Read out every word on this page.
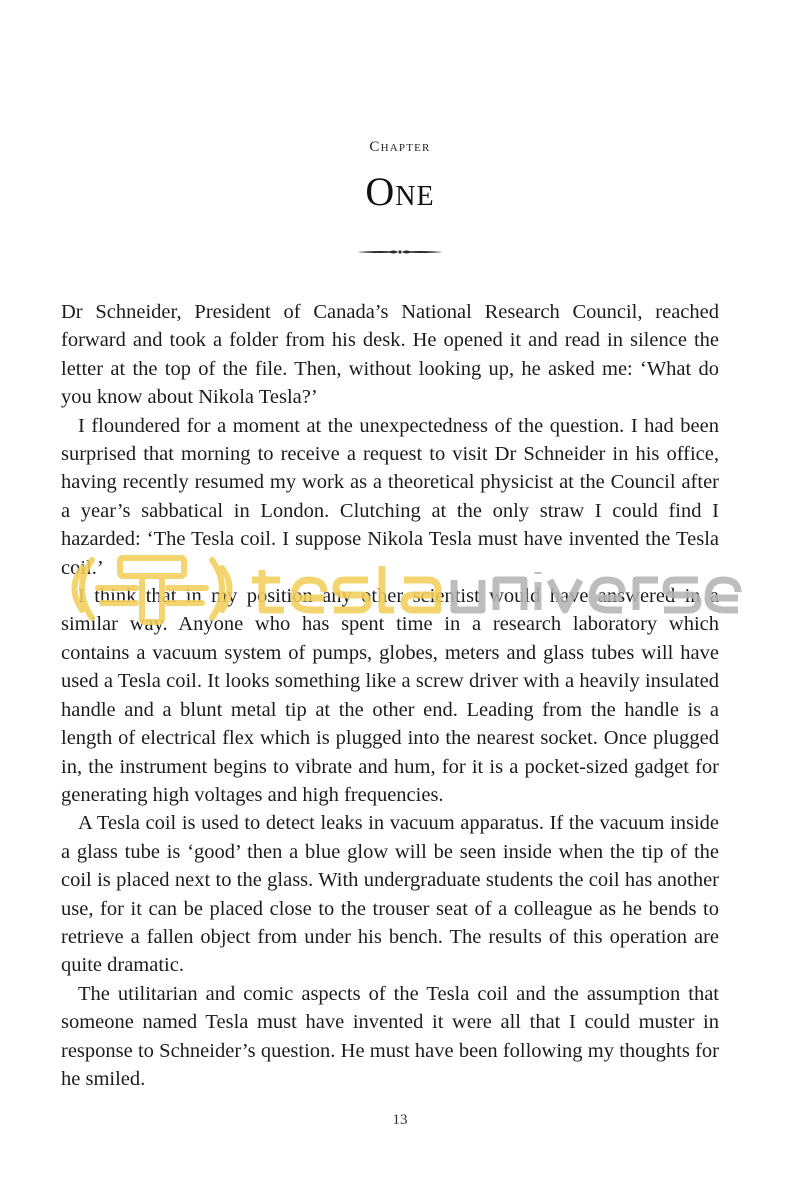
Chapter
One

Dr Schneider, President of Canada’s National Research Council, reached forward and took a folder from his desk. He opened it and read in silence the letter at the top of the file. Then, without looking up, he asked me: ‘What do you know about Nikola Tesla?’

I floundered for a moment at the unexpectedness of the question. I had been surprised that morning to receive a request to visit Dr Schneider in his office, having recently resumed my work as a theoretical physicist at the Council after a year’s sabbatical in London. Clutching at the only straw I could find I hazarded: ‘The Tesla coil. I suppose Nikola Tesla must have invented the Tesla coil.’

I think that in my position any other scientist would have answered in a similar way. Anyone who has spent time in a research laboratory which contains a vacuum system of pumps, globes, meters and glass tubes will have used a Tesla coil. It looks something like a screw driver with a heavily insulated handle and a blunt metal tip at the other end. Leading from the handle is a length of electrical flex which is plugged into the nearest socket. Once plugged in, the instrument begins to vibrate and hum, for it is a pocket-sized gadget for generating high voltages and high frequencies.

A Tesla coil is used to detect leaks in vacuum apparatus. If the vacuum inside a glass tube is ‘good’ then a blue glow will be seen inside when the tip of the coil is placed next to the glass. With undergraduate students the coil has another use, for it can be placed close to the trouser seat of a colleague as he bends to retrieve a fallen object from under his bench. The results of this operation are quite dramatic.

The utilitarian and comic aspects of the Tesla coil and the assumption that someone named Tesla must have invented it were all that I could muster in response to Schneider’s question. He must have been following my thoughts for he smiled.

13
